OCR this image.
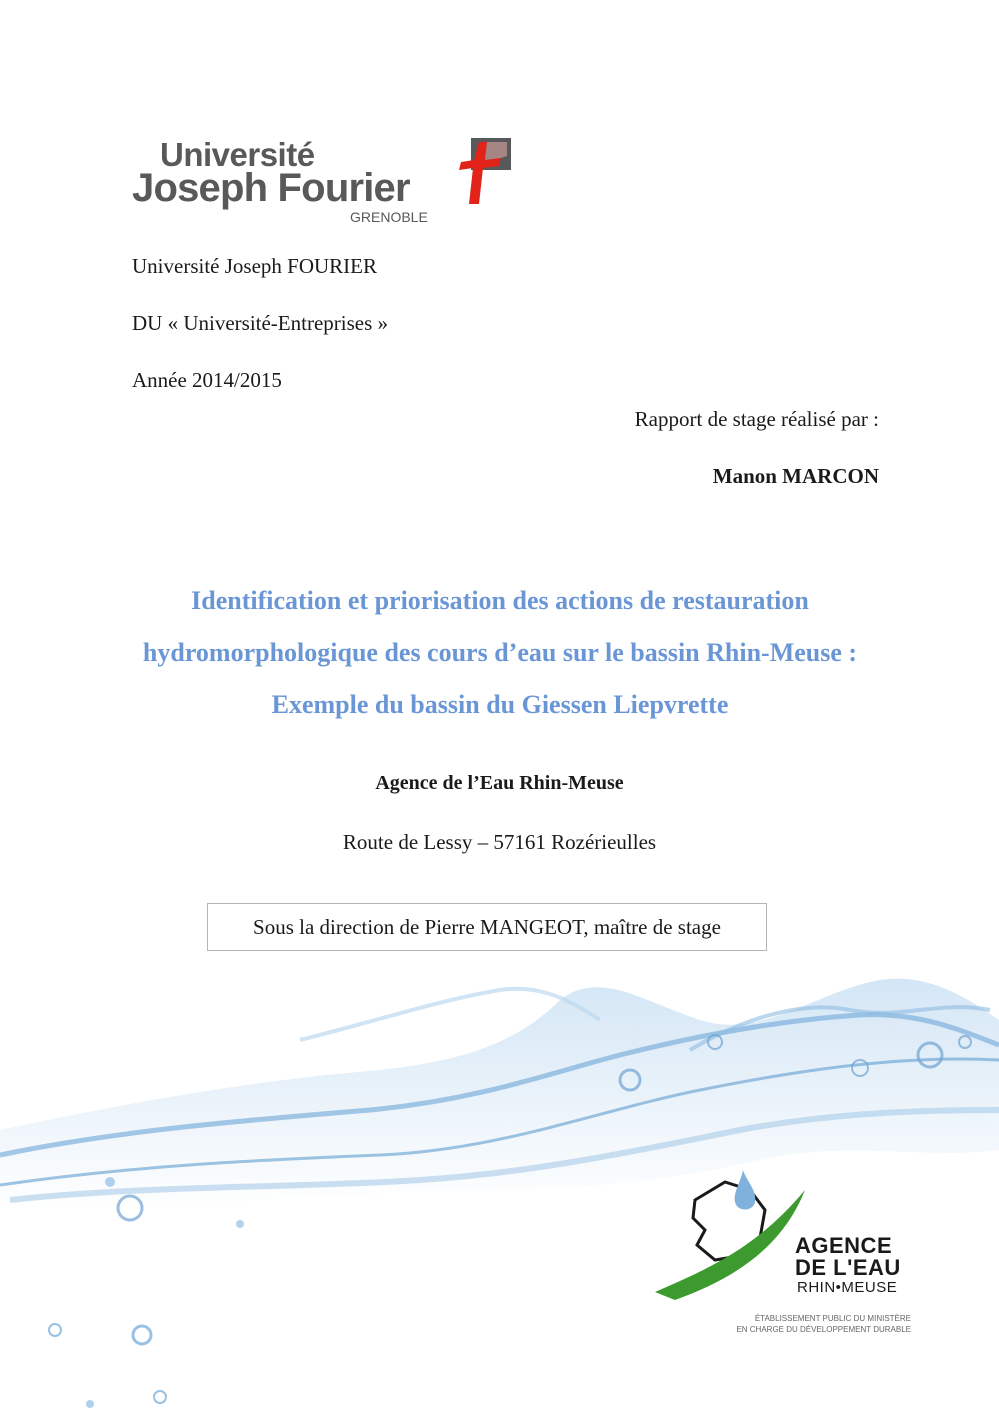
Université
Joseph Fourier
GRENOBLE
Université Joseph FOURIER
DU « Université-Entreprises »
Année 2014/2015
Rapport de stage réalisé par :
Manon MARCON
Identification et priorisation des actions de restauration hydromorphologique des cours d’eau sur le bassin Rhin-Meuse : Exemple du bassin du Giessen Liepvrette
Agence de l’Eau Rhin-Meuse
Route de Lessy – 57161 Rozérieulles
Sous la direction de Pierre MANGEOT, maître de stage
AGENCE
DE L'EAU
RHIN•MEUSE
ÉTABLISSEMENT PUBLIC DU MINISTÈRE
EN CHARGE DU DÉVELOPPEMENT DURABLE
